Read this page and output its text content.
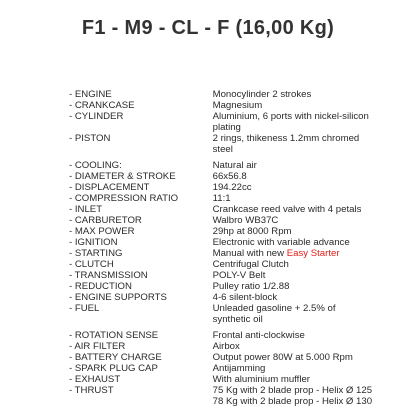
F1 - M9 - CL - F (16,00 Kg)
- ENGINE	Monocylinder 2 strokes

- CRANKCASE	Magnesium

- CYLINDER	Aluminium, 6 ports with nickel-silicon
plating

- PISTON	2 rings, thikeness 1.2mm chromed
steel

- COOLING:	Natural air

- DIAMETER & STROKE	66x56.8

- DISPLACEMENT	194.22cc

- COMPRESSION RATIO	11:1

- INLET	Crankcase reed valve with 4 petals

- CARBURETOR	Walbro WB37C

- MAX POWER	29hp at 8000 Rpm

- IGNITION	Electronic with variable advance

- STARTING	Manual with new Easy Starter

- CLUTCH	Centrifugal Clutch

- TRANSMISSION	POLY-V Belt

- REDUCTION	Pulley ratio 1/2.88

- ENGINE SUPPORTS	4-6 silent-block

- FUEL	Unleaded gasoline + 2.5% of
synthetic oil

- ROTATION SENSE	Frontal anti-clockwise

- AIR FILTER	Airbox

- BATTERY CHARGE	Output power 80W at 5.000 Rpm

- SPARK PLUG CAP	Antijamming

- EXHAUST	With aluminium muffler

- THRUST	75 Kg with 2 blade prop - Helix Ø 125
78 Kg with 2 blade prop - Helix Ø 130
